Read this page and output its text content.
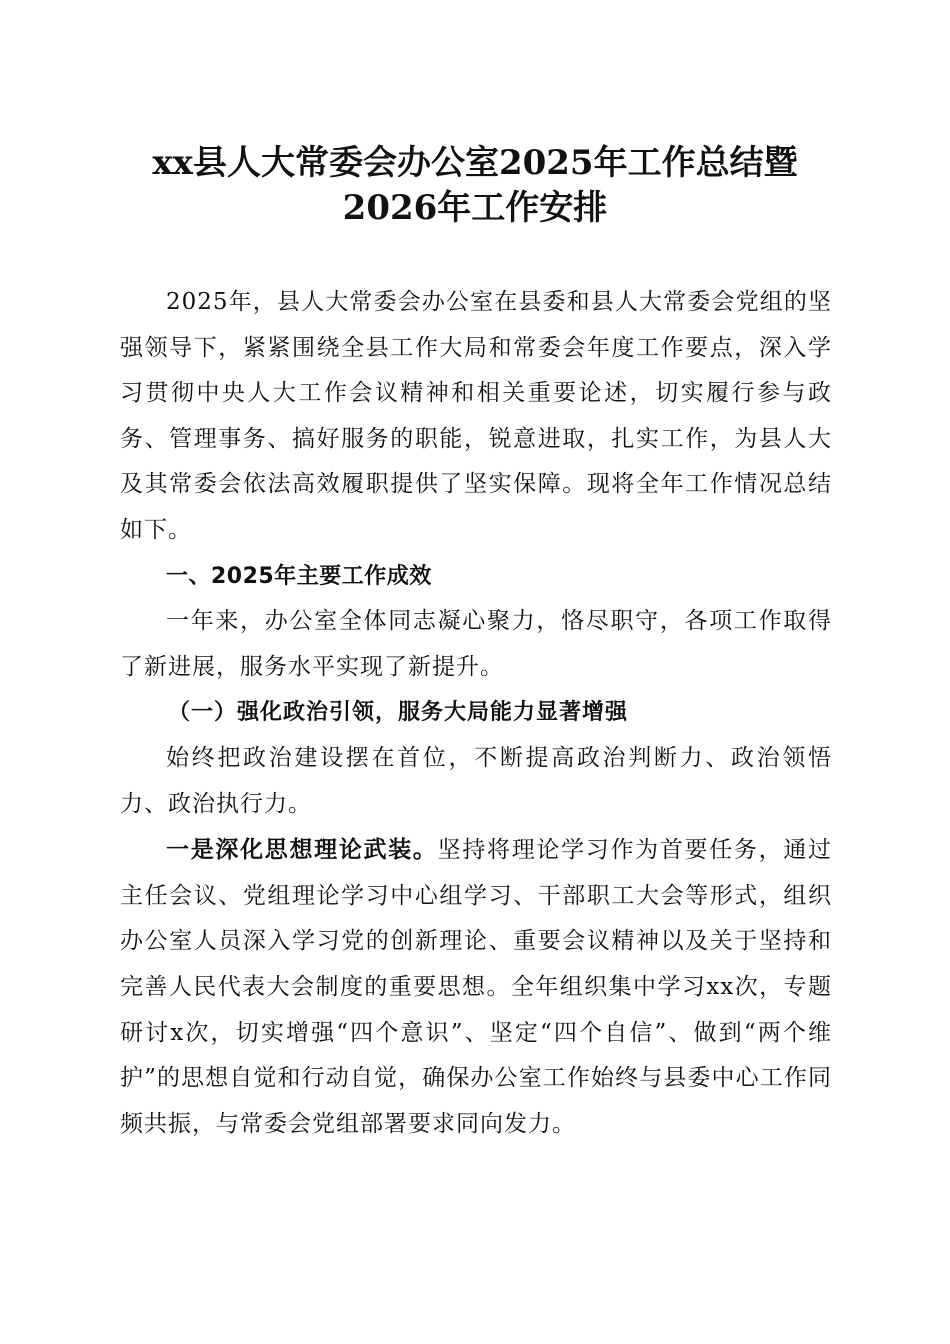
xx县人大常委会办公室2025年工作总结暨
2026年工作安排

2025年，县人大常委会办公室在县委和县人大常委会党组的坚强领导下，紧紧围绕全县工作大局和常委会年度工作要点，深入学习贯彻中央人大工作会议精神和相关重要论述，切实履行参与政务、管理事务、搞好服务的职能，锐意进取，扎实工作，为县人大及其常委会依法高效履职提供了坚实保障。现将全年工作情况总结如下。

一、2025年主要工作成效

一年来，办公室全体同志凝心聚力，恪尽职守，各项工作取得了新进展，服务水平实现了新提升。

（一）强化政治引领，服务大局能力显著增强

始终把政治建设摆在首位，不断提高政治判断力、政治领悟力、政治执行力。

一是深化思想理论武装。坚持将理论学习作为首要任务，通过主任会议、党组理论学习中心组学习、干部职工大会等形式，组织办公室人员深入学习党的创新理论、重要会议精神以及关于坚持和完善人民代表大会制度的重要思想。全年组织集中学习xx次，专题研讨x次，切实增强“四个意识”、坚定“四个自信”、做到“两个维护”的思想自觉和行动自觉，确保办公室工作始终与县委中心工作同频共振，与常委会党组部署要求同向发力。
